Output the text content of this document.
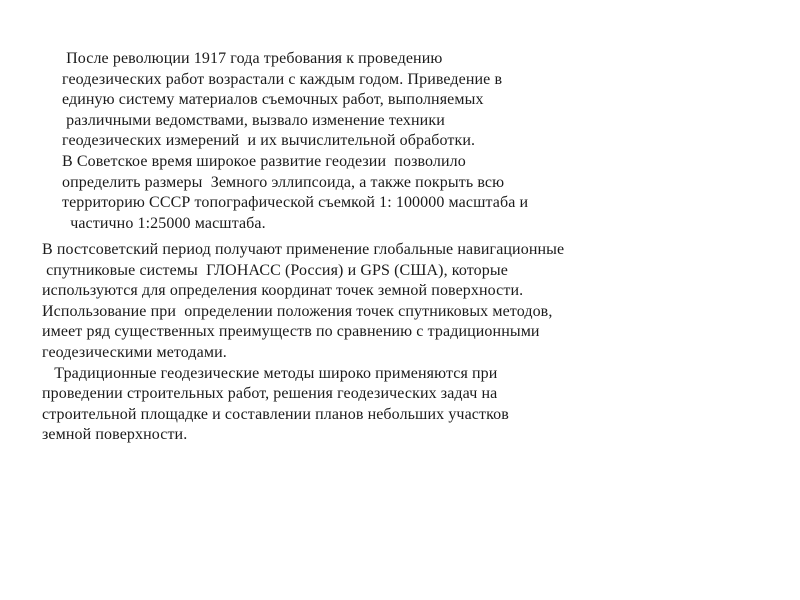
После революции 1917 года требования к проведению
геодезических работ возрастали с каждым годом. Приведение в
единую систему материалов съемочных работ, выполняемых
различными ведомствами, вызвало изменение техники
геодезических измерений  и их вычислительной обработки.
В Советское время широкое развитие геодезии  позволило
определить размеры  Земного эллипсоида, а также покрыть всю
территорию СССР топографической съемкой 1: 100000 масштаба и
частично 1:25000 масштаба.
В постсоветский период получают применение глобальные навигационные
спутниковые системы  ГЛОНАСС (Россия) и GPS (США), которые
используются для определения координат точек земной поверхности.
Использование при  определении положения точек спутниковых методов,
имеет ряд существенных преимуществ по сравнению с традиционными
геодезическими методами.
Традиционные геодезические методы широко применяются при
проведении строительных работ, решения геодезических задач на
строительной площадке и составлении планов небольших участков
земной поверхности.
